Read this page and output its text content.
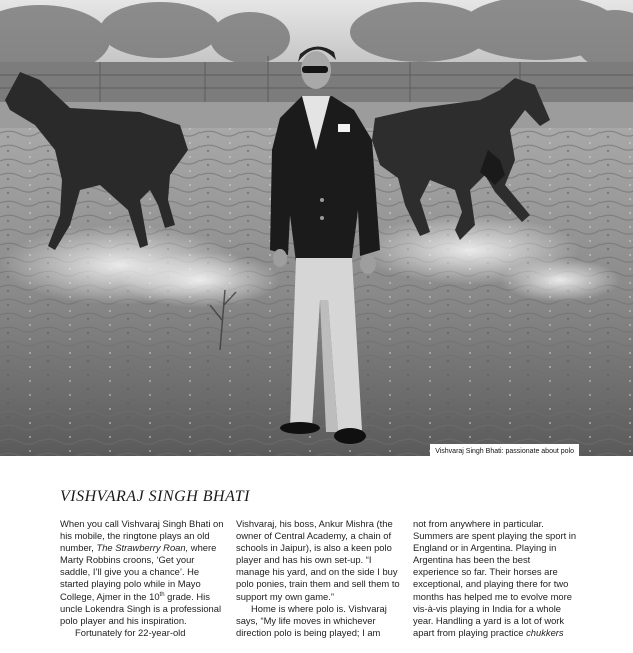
Vishvaraj Singh Bhati: passionate about polo
VISHVARAJ SINGH BHATI

When you call Vishvaraj Singh Bhati on his mobile, the ringtone plays an old number, The Strawberry Roan, where Marty Robbins croons, ‘Get your saddle, I’ll give you a chance’. He started playing polo while in Mayo College, Ajmer in the 10th grade. His uncle Lokendra Singh is a professional polo player and his inspiration.

Fortunately for 22-year-old

Vishvaraj, his boss, Ankur Mishra (the owner of Central Academy, a chain of schools in Jaipur), is also a keen polo player and has his own set-up. “I manage his yard, and on the side I buy polo ponies, train them and sell them to support my own game.”

Home is where polo is. Vishvaraj says, “My life moves in whichever direction polo is being played; I am

not from anywhere in particular. Summers are spent playing the sport in England or in Argentina. Playing in Argentina has been the best experience so far. Their horses are exceptional, and playing there for two months has helped me to evolve more vis-à-vis playing in India for a whole year. Handling a yard is a lot of work apart from playing practice chukkers
